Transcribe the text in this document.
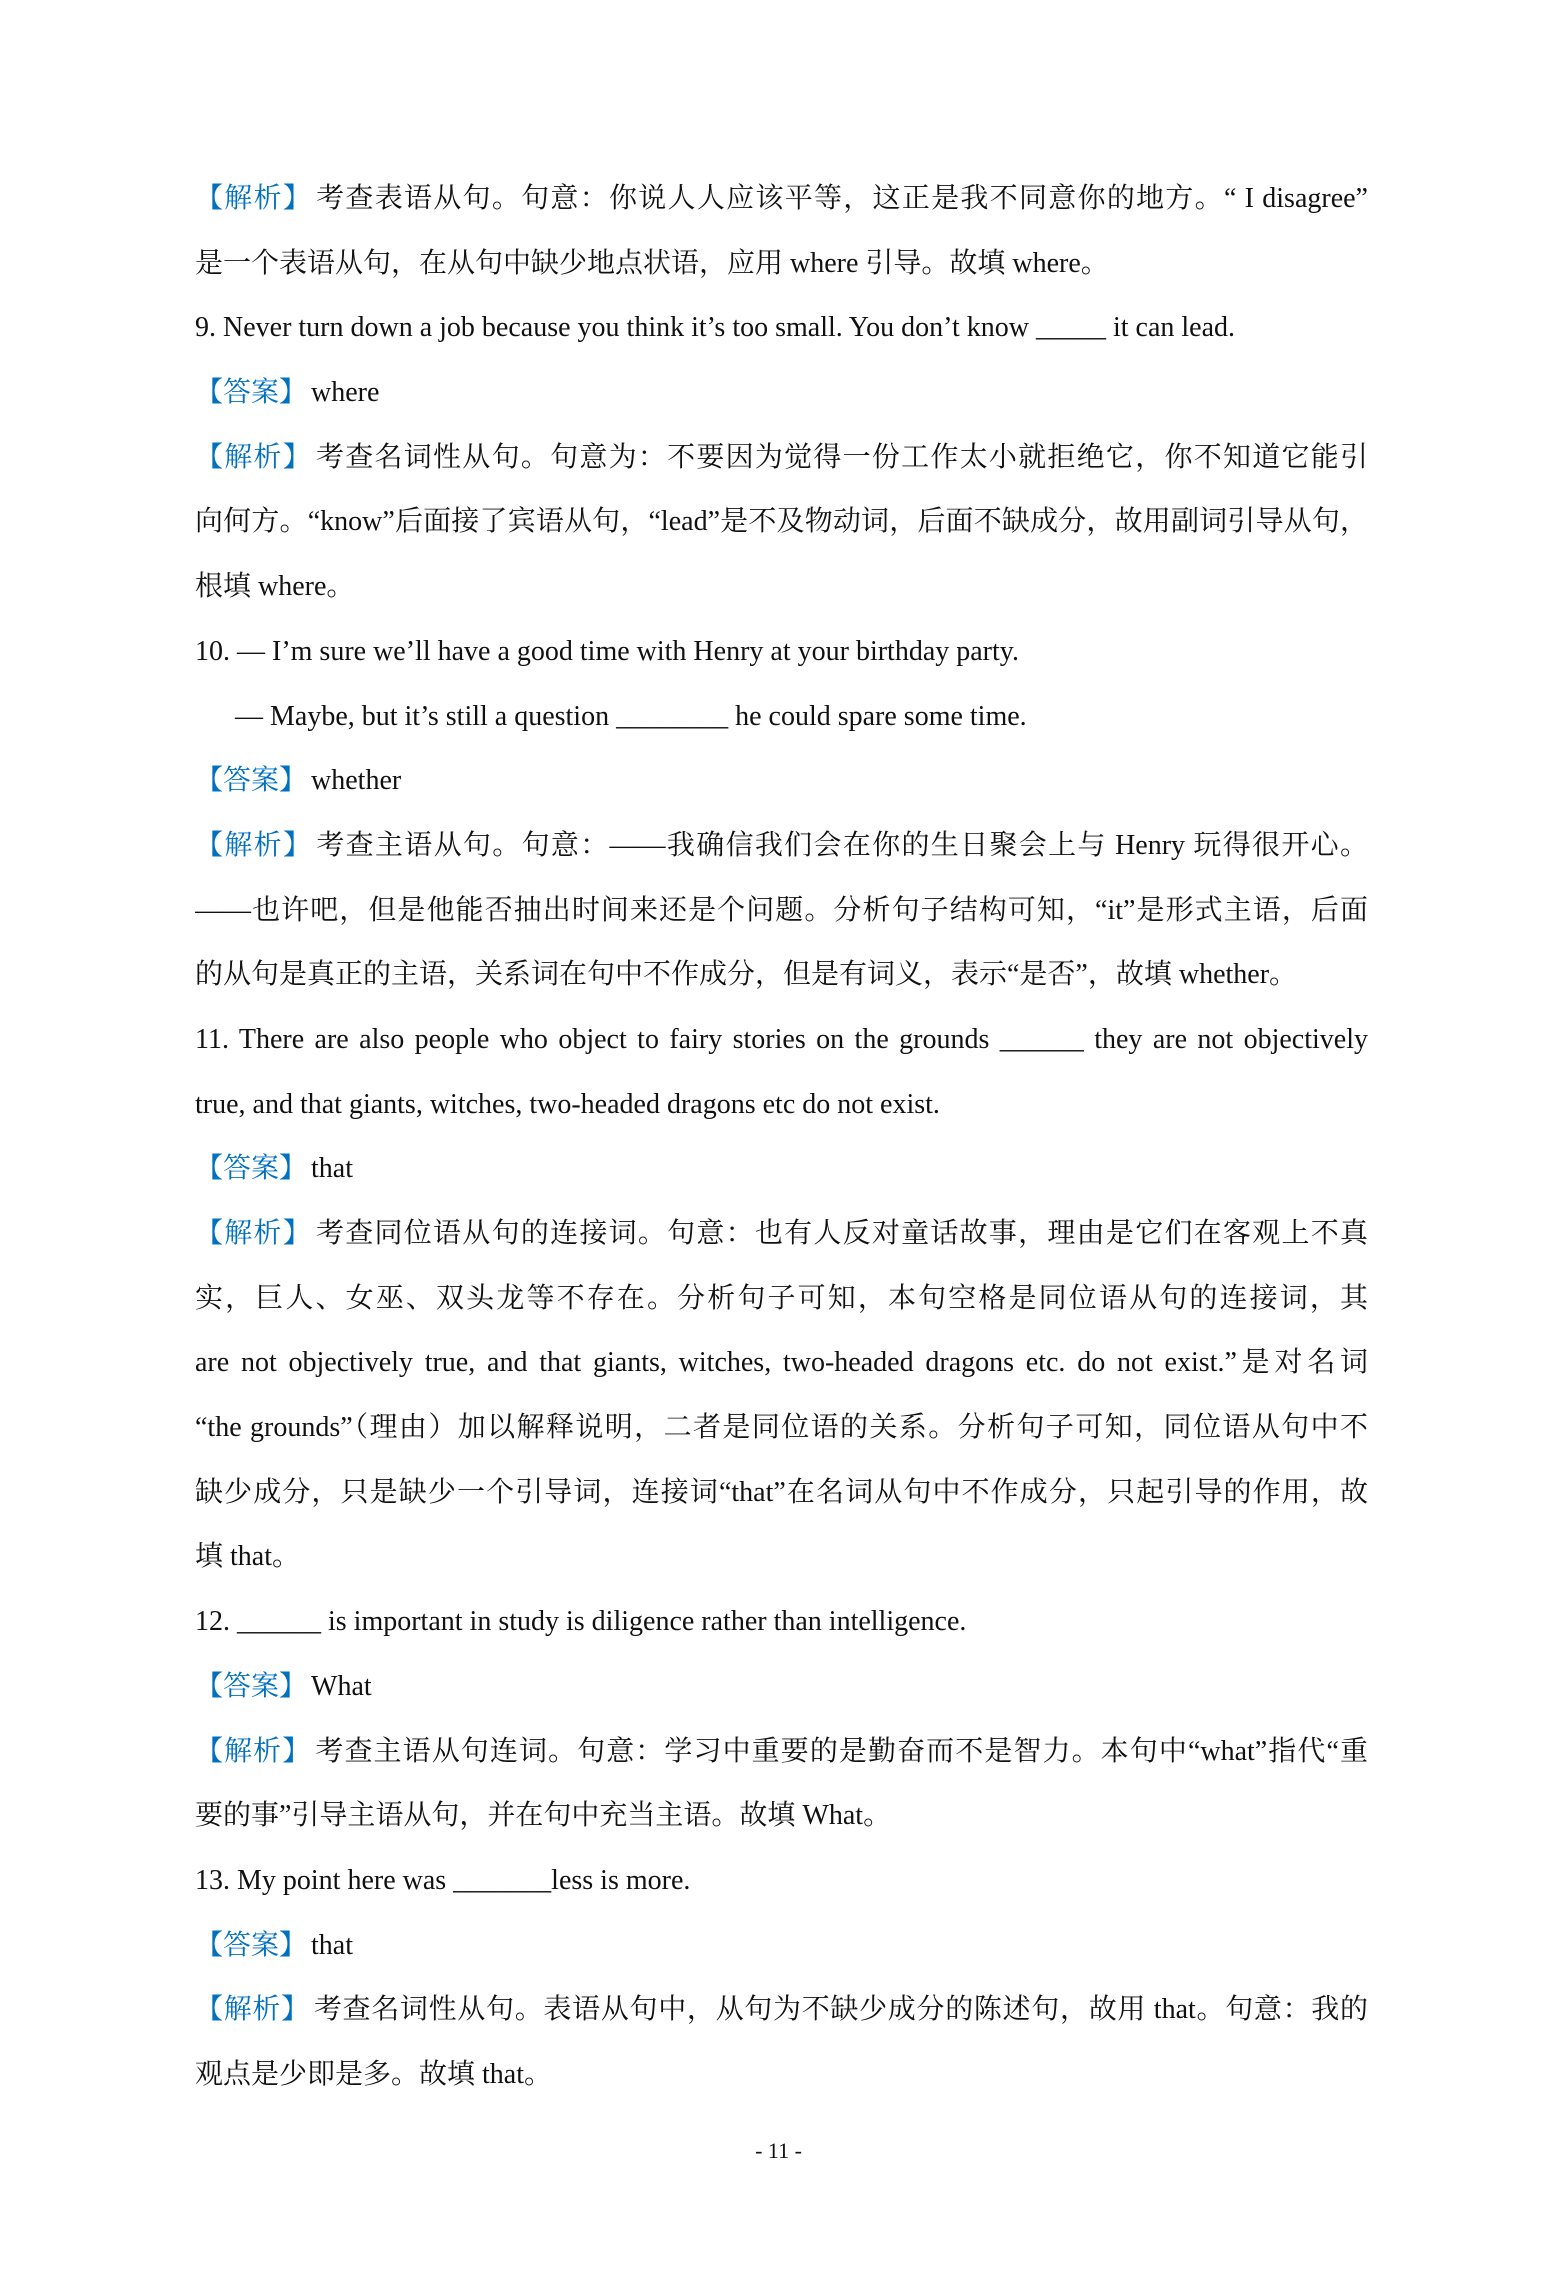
【解析】 考查表语从句。句意：你说人人应该平等，这正是我不同意你的地方。“ I disagree”
是一个表语从句，在从句中缺少地点状语，应用 where 引导。故填 where。
9. Never turn down a job because you think it’s too small. You don’t know _____ it can lead.
【答案】 where
【解析】 考查名词性从句。句意为：不要因为觉得一份工作太小就拒绝它，你不知道它能引
向何方。“know”后面接了宾语从句，“lead”是不及物动词，后面不缺成分，故用副词引导从句，
根填 where。
10. — I’m sure we’ll have a good time with Henry at your birthday party.
— Maybe, but it’s still a question ________ he could spare some time.
【答案】 whether
【解析】 考查主语从句。句意：——我确信我们会在你的生日聚会上与 Henry 玩得很开心。
——也许吧，但是他能否抽出时间来还是个问题。分析句子结构可知，“it”是形式主语，后面
的从句是真正的主语，关系词在句中不作成分，但是有词义，表示“是否”，故填 whether。
11. There are also people who object to fairy stories on the grounds ______ they are not objectively
true, and that giants, witches, two-headed dragons etc do not exist.
【答案】 that
【解析】 考查同位语从句的连接词。句意：也有人反对童话故事，理由是它们在客观上不真
实，巨人、女巫、双头龙等不存在。分析句子可知，本句空格是同位语从句的连接词，其
are not objectively true, and that giants, witches, two-headed dragons etc. do not exist.”是对名词
“the grounds”（理由）加以解释说明，二者是同位语的关系。分析句子可知，同位语从句中不
缺少成分，只是缺少一个引导词，连接词“that”在名词从句中不作成分，只起引导的作用，故
填 that。
12. ______ is important in study is diligence rather than intelligence.
【答案】 What
【解析】 考查主语从句连词。句意：学习中重要的是勤奋而不是智力。本句中“what”指代“重
要的事”引导主语从句，并在句中充当主语。故填 What。
13. My point here was _______less is more.
【答案】 that
【解析】 考查名词性从句。表语从句中，从句为不缺少成分的陈述句，故用 that。句意：我的
观点是少即是多。故填 that。
- 11 -
